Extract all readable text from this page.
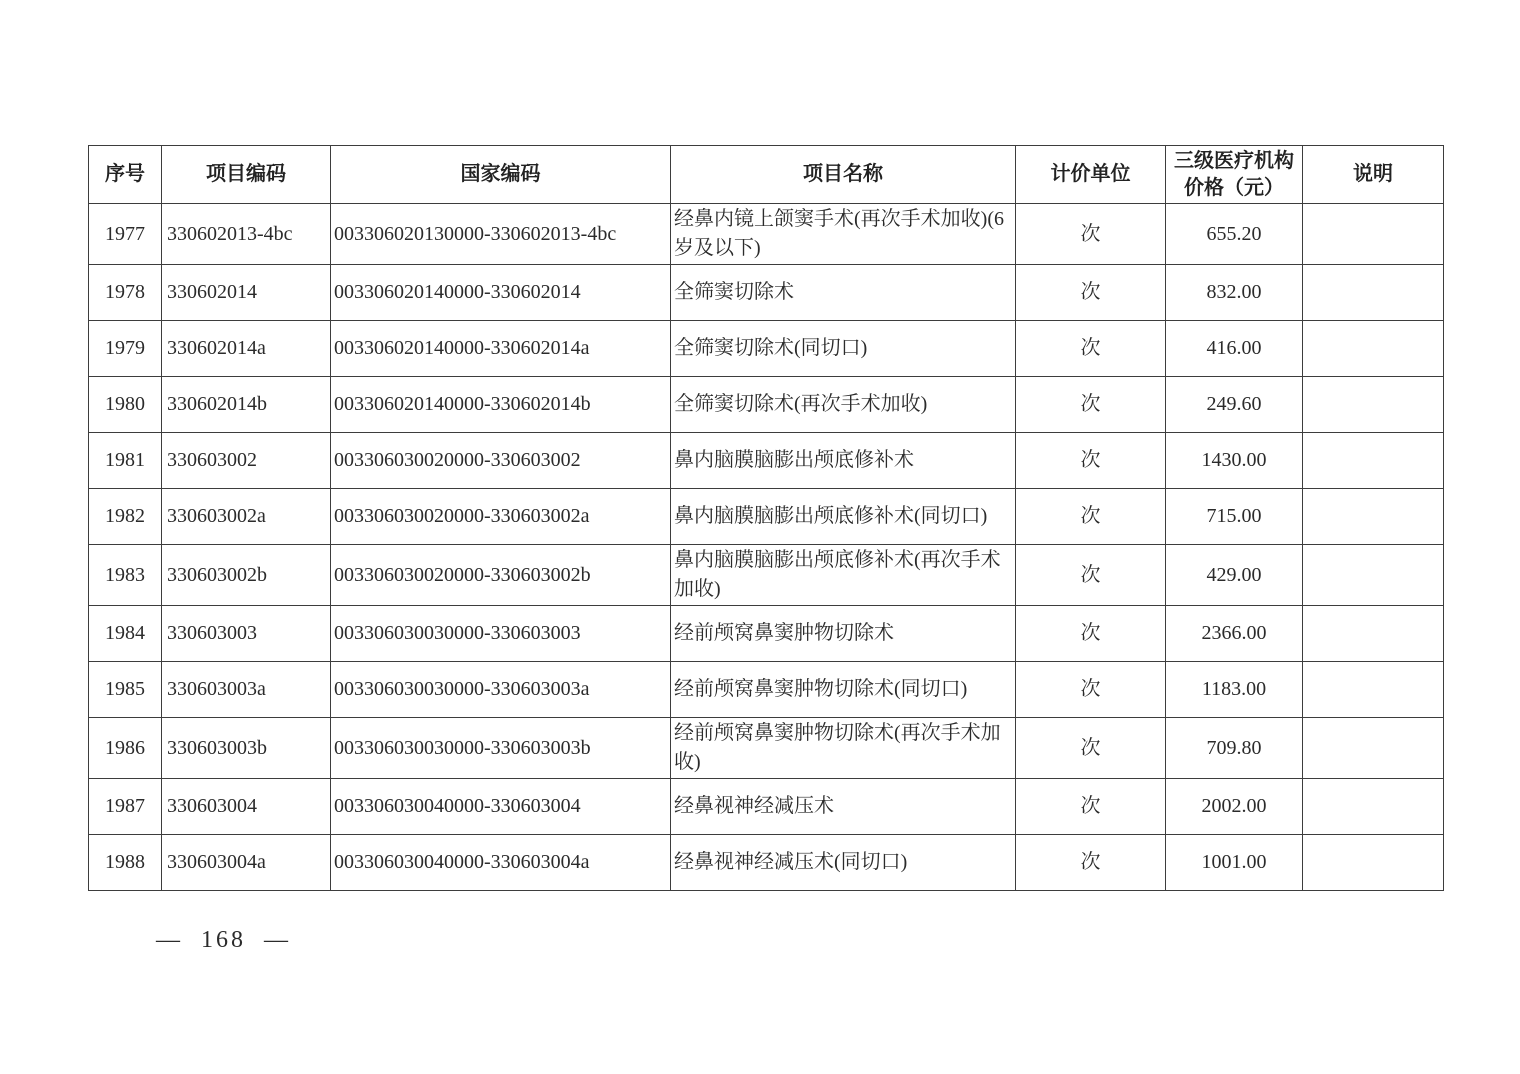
序号	项目编码	国家编码	项目名称	计价单位	三级医疗机构价格（元）	说明
1977	330602013-4bc	003306020130000-330602013-4bc	经鼻内镜上颌窦手术(再次手术加收)(6岁及以下)	次	655.20	
1978	330602014	003306020140000-330602014	全筛窦切除术	次	832.00	
1979	330602014a	003306020140000-330602014a	全筛窦切除术(同切口)	次	416.00	
1980	330602014b	003306020140000-330602014b	全筛窦切除术(再次手术加收)	次	249.60	
1981	330603002	003306030020000-330603002	鼻内脑膜脑膨出颅底修补术	次	1430.00	
1982	330603002a	003306030020000-330603002a	鼻内脑膜脑膨出颅底修补术(同切口)	次	715.00	
1983	330603002b	003306030020000-330603002b	鼻内脑膜脑膨出颅底修补术(再次手术加收)	次	429.00	
1984	330603003	003306030030000-330603003	经前颅窝鼻窦肿物切除术	次	2366.00	
1985	330603003a	003306030030000-330603003a	经前颅窝鼻窦肿物切除术(同切口)	次	1183.00	
1986	330603003b	003306030030000-330603003b	经前颅窝鼻窦肿物切除术(再次手术加收)	次	709.80	
1987	330603004	003306030040000-330603004	经鼻视神经减压术	次	2002.00	
1988	330603004a	003306030040000-330603004a	经鼻视神经减压术(同切口)	次	1001.00	
—  168  —
